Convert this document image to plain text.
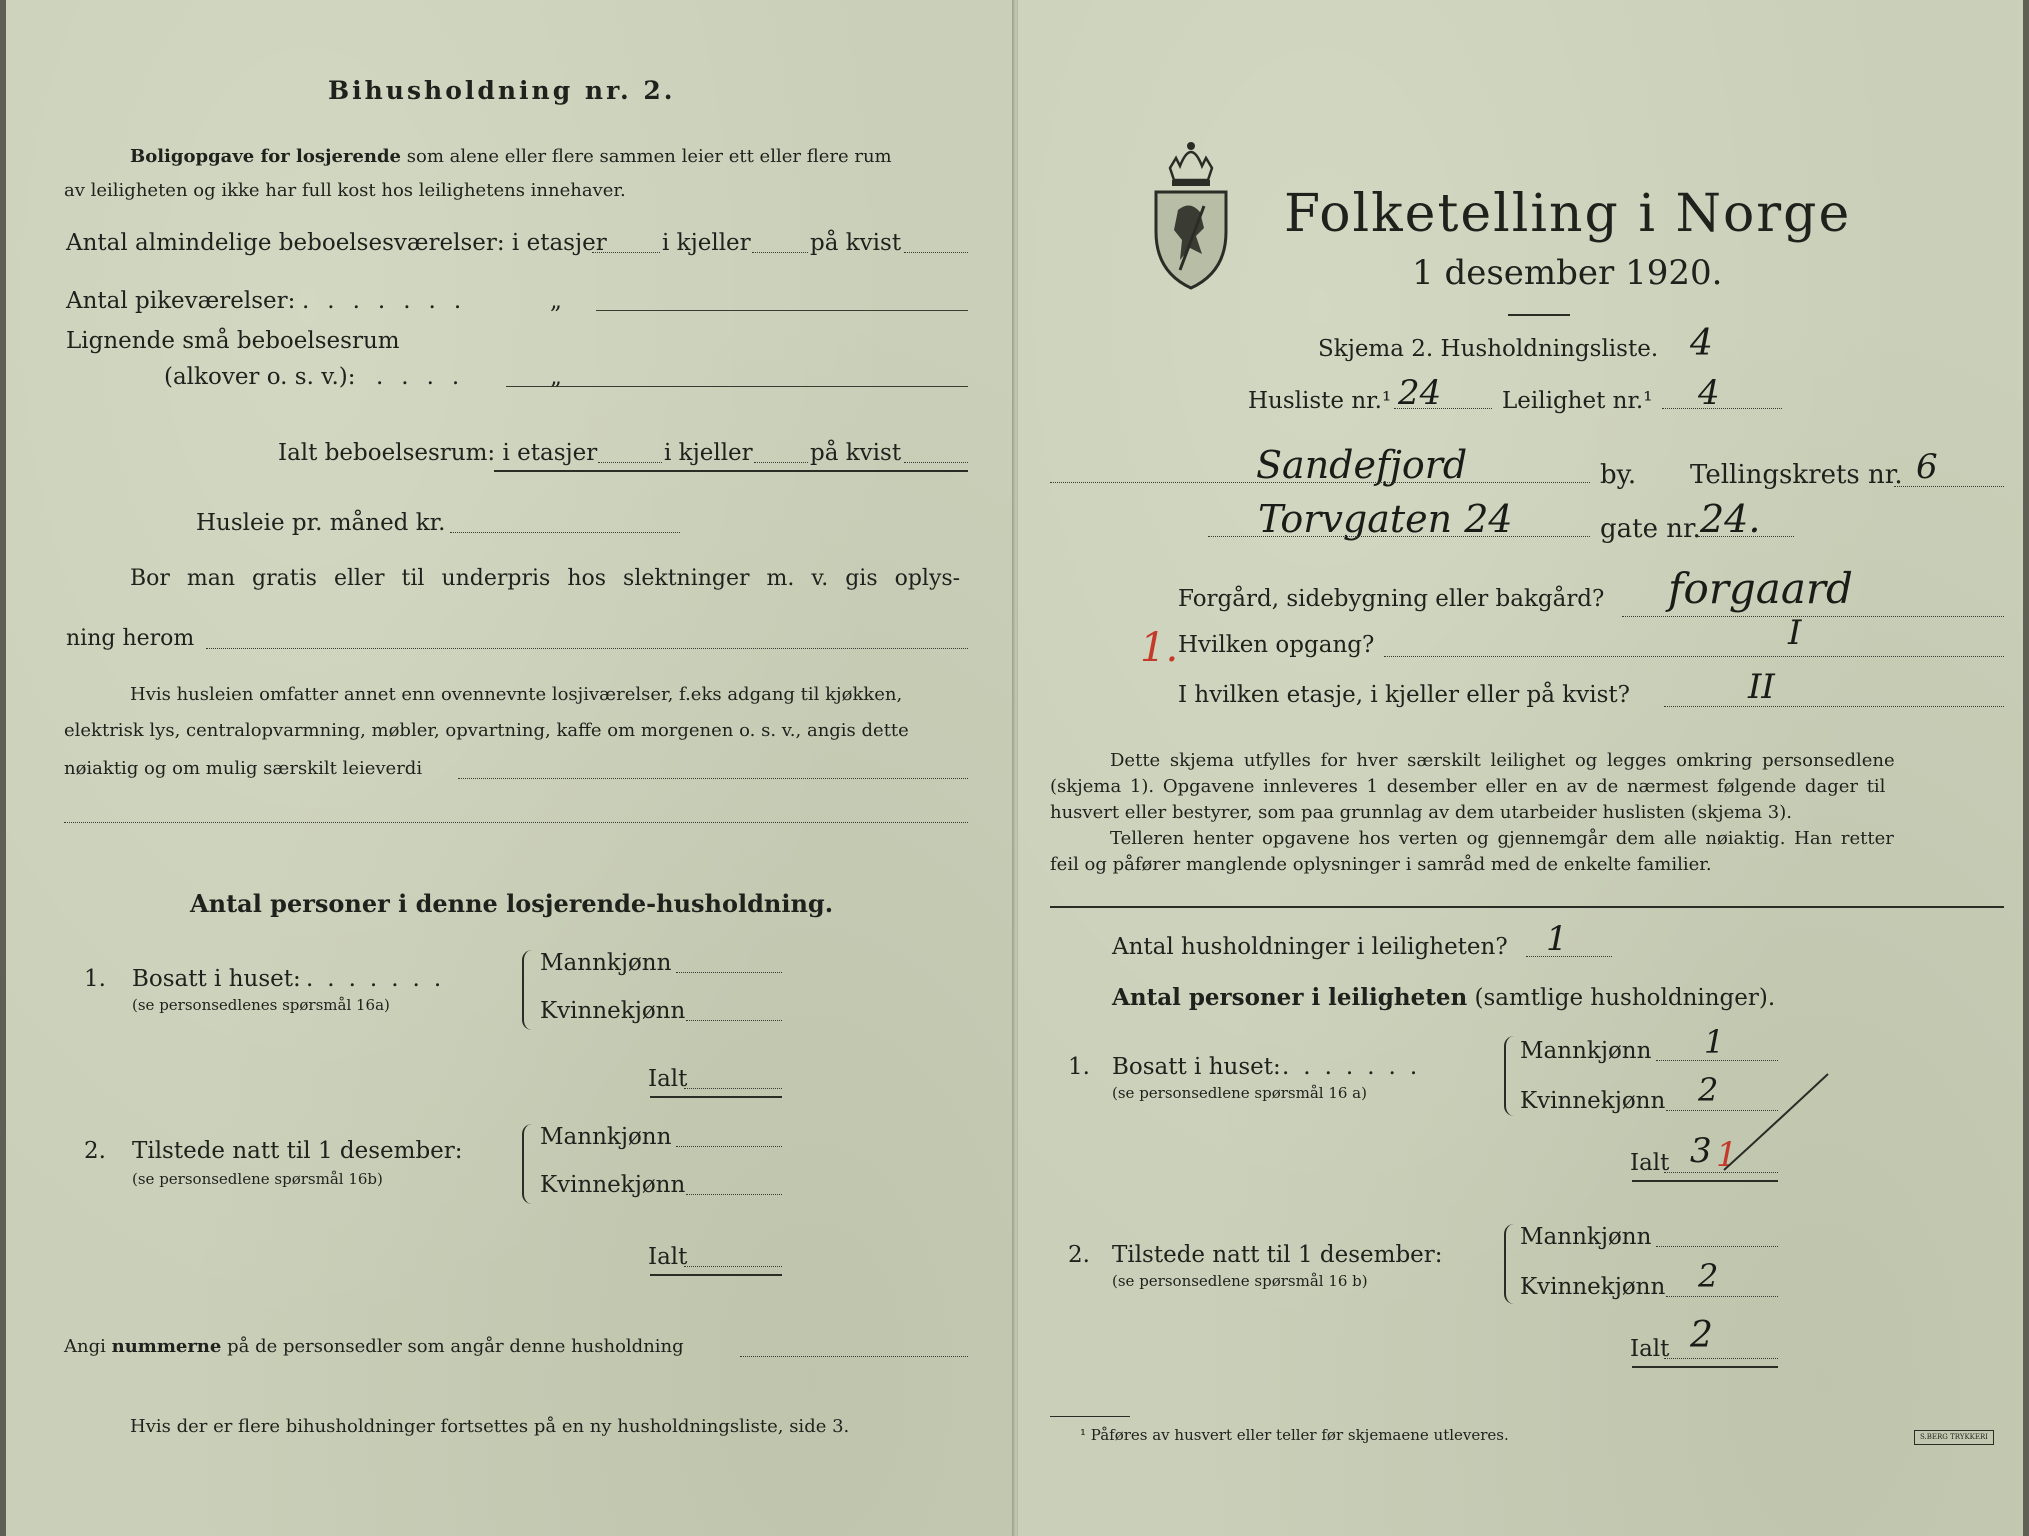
Bihusholdning nr. 2.
Boligopgave for losjerende som alene eller flere sammen leier ett eller flere rum
av leiligheten og ikke har full kost hos leilighetens innehaver.
Antal almindelige beboelsesværelser: i etasjer i kjeller	på kvist
Antal pikeværelser: .......	„
Lignende små beboelsesrum
(alkover o. s. v.): ....	„
Ialt beboelsesrum: i etasjer	i kjeller på kvist
Husleie pr. måned kr.
Bor man gratis eller til underpris hos slektninger m. v. gis oplys-
ning herom
Hvis husleien omfatter annet enn ovennevnte losjiværelser, f.eks adgang til kjøkken,
elektrisk lys, centralopvarmning, møbler, opvartning, kaffe om morgenen o. s. v., angis dette
nøiaktig og om mulig særskilt leieverdi
Antal personer i denne losjerende-husholdning.
1. Bosatt i huset: .......
(se personsedlenes spørsmål 16a)
Mannkjønn
Kvinnekjønn
Ialt
2. Tilstede natt til 1 desember:
(se personsedlene spørsmål 16b)
Mannkjønn
Kvinnekjønn
Ialt
Angi nummerne på de personsedler som angår denne husholdning
Hvis der er flere bihusholdninger fortsettes på en ny husholdningsliste, side 3.
Folketelling i Norge
1 desember 1920.
Skjema 2. Husholdningsliste. 4
Husliste nr.¹ 24	Leilighet nr.¹ 4
Sandefjord	by. Tellingskrets nr. 6
Torvgaten 24	gate nr. 24.
Forgård, sidebygning eller bakgård? forgaard
1. Hvilken opgang?	I
I hvilken etasje, i kjeller eller på kvist?	II
Dette skjema utfylles for hver særskilt leilighet og legges omkring personsedlene
(skjema 1). Opgavene innleveres 1 desember eller en av de nærmest følgende dager til
husvert eller bestyrer, som paa grunnlag av dem utarbeider huslisten (skjema 3).
Telleren henter opgavene hos verten og gjennemgår dem alle nøiaktig. Han retter
feil og påfører manglende oplysninger i samråd med de enkelte familier.
Antal husholdninger i leiligheten? 1
Antal personer i leiligheten (samtlige husholdninger).
1. Bosatt i huset: .......
(se personsedlene spørsmål 16 a)
Mannkjønn 1
Kvinnekjønn 2
Ialt 3 1
2. Tilstede natt til 1 desember:
(se personsedlene spørsmål 16 b)
Mannkjønn
Kvinnekjønn 2
Ialt 2
¹ Påføres av husvert eller teller før skjemaene utleveres.	S.BERG TRYKKERI
